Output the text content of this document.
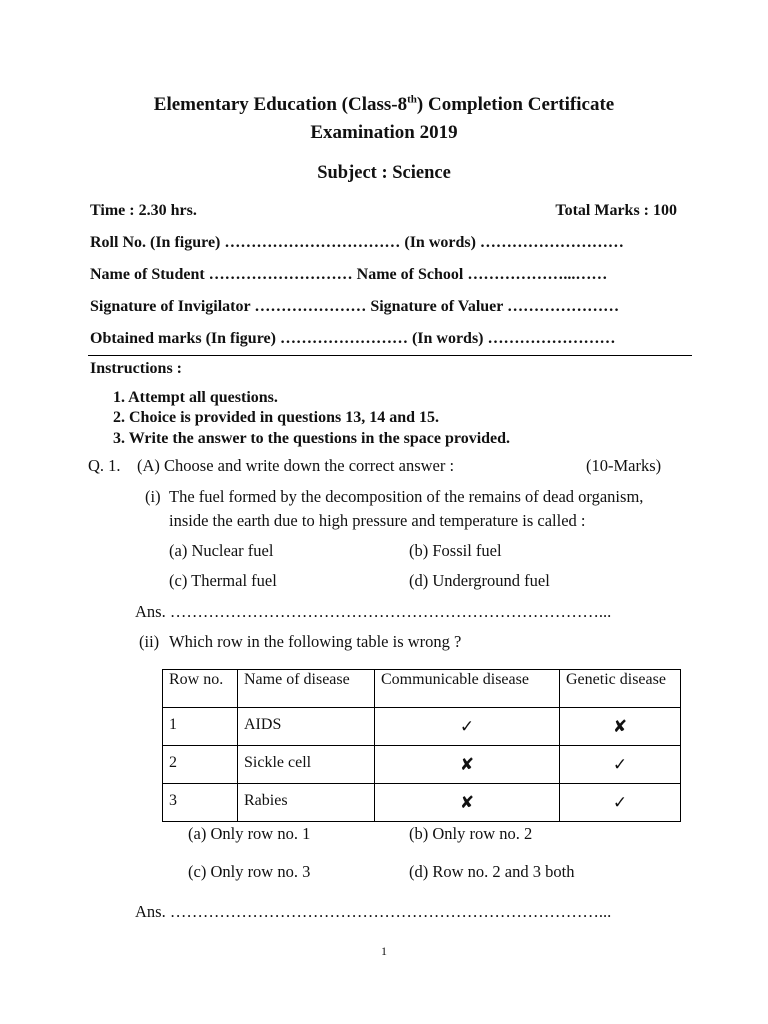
Elementary Education (Class-8th) Completion Certificate
Examination 2019
Subject : Science
Time : 2.30 hrs.	Total Marks : 100
Roll No. (In figure) …………………………… (In words) ………………………
Name of Student ……………………… Name of School ………………...……
Signature of Invigilator ………………… Signature of Valuer …………………
Obtained marks (In figure) …………………… (In words) ……………………
Instructions :
1. Attempt all questions.
2. Choice is provided in questions 13, 14 and 15.
3. Write the answer to the questions in the space provided.
Q. 1. (A) Choose and write down the correct answer :	(10-Marks)
(i) The fuel formed by the decomposition of the remains of dead organism,
inside the earth due to high pressure and temperature is called :
(a) Nuclear fuel	(b) Fossil fuel
(c) Thermal fuel	(d) Underground fuel
Ans. ……………………………………………………………………...
(ii) Which row in the following table is wrong ?
Row no.	Name of disease	Communicable disease	Genetic disease
1	AIDS	✓	✘
2	Sickle cell	✘	✓
3	Rabies	✘	✓
(a) Only row no. 1	(b) Only row no. 2
(c) Only row no. 3	(d) Row no. 2 and 3 both
Ans. ……………………………………………………………………...
1
